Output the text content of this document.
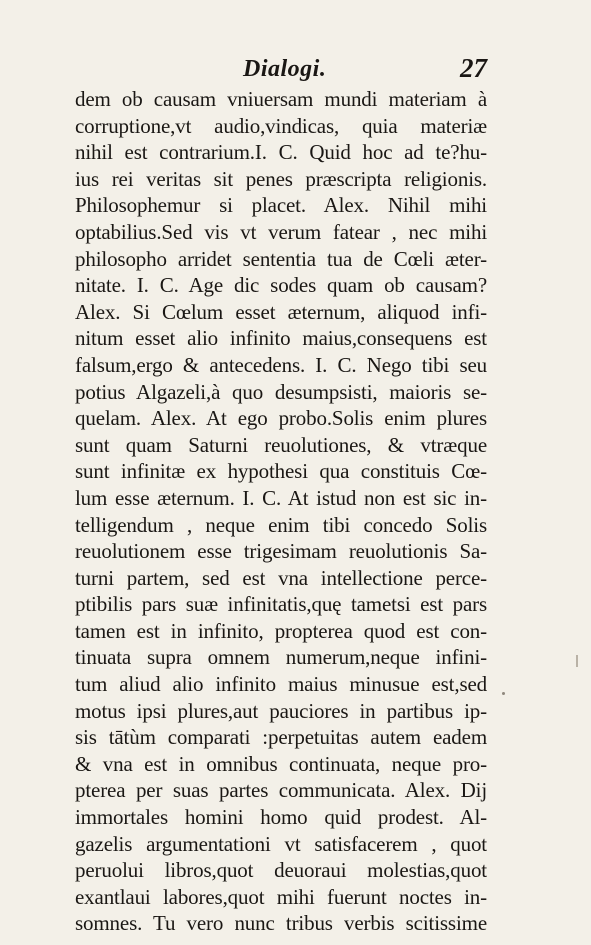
Dialogi.	27
dem ob causam vniuersam mundi materiam à
corruptione,vt audio,vindicas, quia materiæ
nihil est contrarium.I. C. Quid hoc ad te?hu-
ius rei veritas sit penes præscripta religionis.
Philosophemur si placet. Alex. Nihil mihi
optabilius.Sed vis vt verum fatear , nec mihi
philosopho arridet sententia tua de Cœli æter-
nitate. I. C. Age dic sodes quam ob causam?
Alex. Si Cœlum esset æternum, aliquod infi-
nitum esset alio infinito maius,consequens est
falsum,ergo & antecedens. I. C. Nego tibi seu
potius Algazeli,à quo desumpsisti, maioris se-
quelam. Alex. At ego probo.Solis enim plures
sunt quam Saturni reuolutiones, & vtræque
sunt infinitæ ex hypothesi qua constituis Cœ-
lum esse æternum. I. C. At istud non est sic in-
telligendum , neque enim tibi concedo Solis
reuolutionem esse trigesimam reuolutionis Sa-
turni partem, sed est vna intellectione perce-
ptibilis pars suæ infinitatis,quę tametsi est pars
tamen est in infinito, propterea quod est con-
tinuata supra omnem numerum,neque infini-
tum aliud alio infinito maius minusue est,sed
motus ipsi plures,aut pauciores in partibus ip-
sis tātùm comparati :perpetuitas autem eadem
& vna est in omnibus continuata, neque pro-
pterea per suas partes communicata. Alex. Dij
immortales homini homo quid prodest. Al-
gazelis argumentationi vt satisfacerem , quot
peruolui libros,quot deuoraui molestias,quot
exantlaui labores,quot mihi fuerunt noctes in-
somnes. Tu vero nunc tribus verbis scitissime
